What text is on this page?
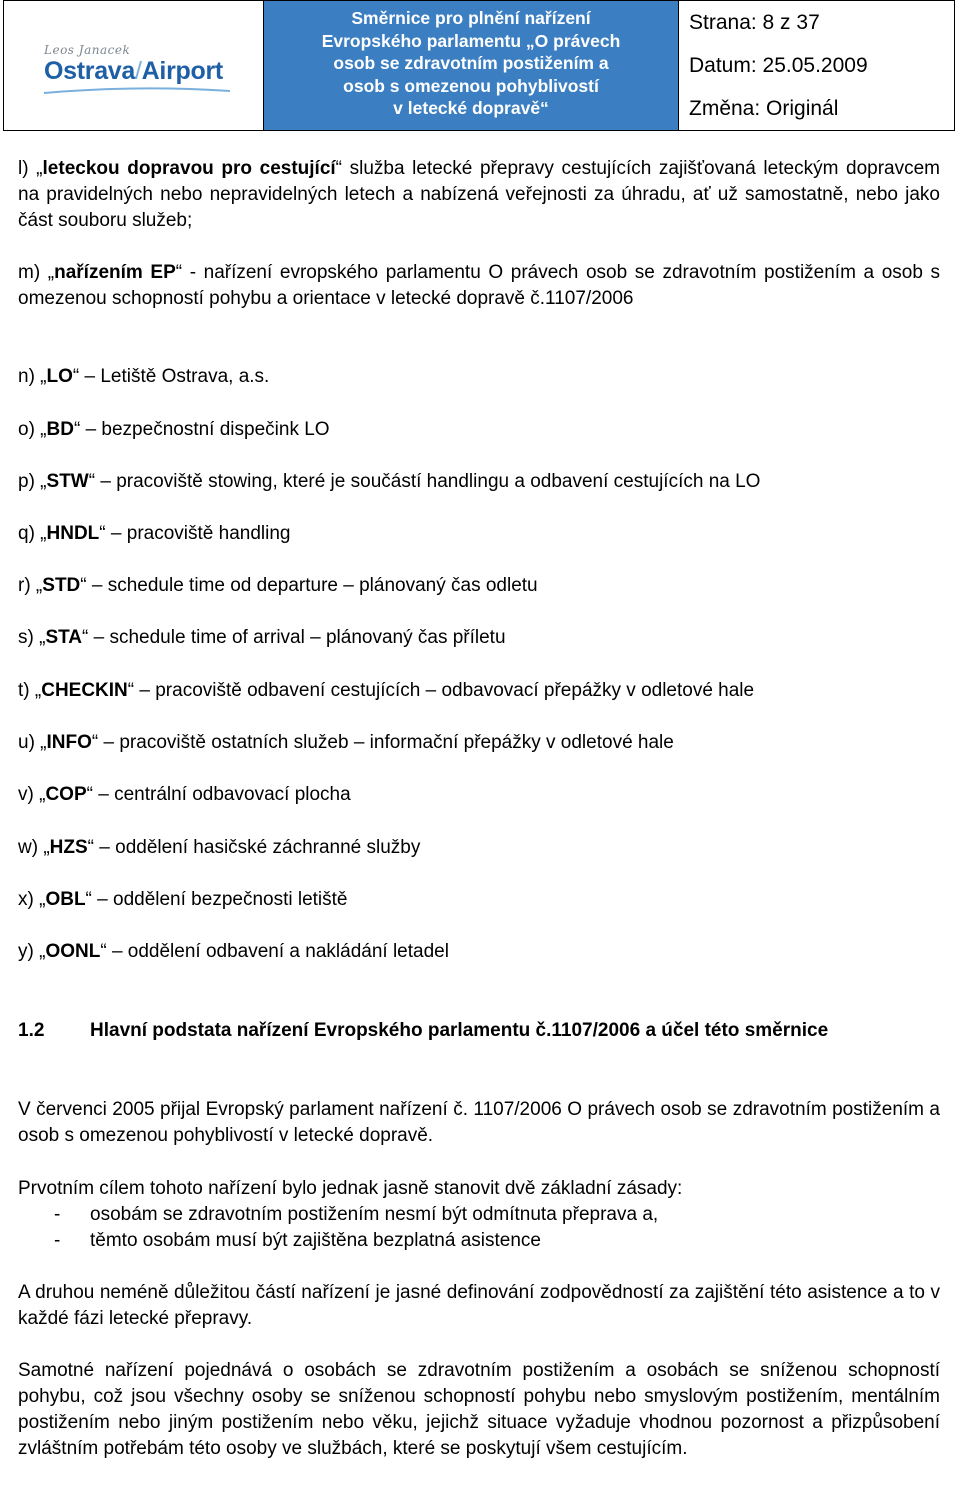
Leos Janacek
Ostrava/Airport
Směrnice pro plnění nařízení
Evropského parlamentu „O právech
osob se zdravotním postižením a
osob s omezenou pohyblivostí
v letecké dopravě“
Strana: 8 z 37
Datum: 25.05.2009
Změna: Originál
l) „leteckou dopravou pro cestující“ služba letecké přepravy cestujících zajišťovaná leteckým dopravcem na pravidelných nebo nepravidelných letech a nabízená veřejnosti za úhradu, ať už samostatně, nebo jako část souboru služeb;
m) „nařízením EP“ - nařízení evropského parlamentu O právech osob se zdravotním postižením a osob s omezenou schopností pohybu a orientace v letecké dopravě č.1107/2006
n) „LO“ – Letiště Ostrava, a.s.
o) „BD“ – bezpečnostní dispečink LO
p) „STW“ – pracoviště stowing, které je součástí handlingu a odbavení cestujících na LO
q) „HNDL“ – pracoviště handling
r) „STD“ – schedule time od departure – plánovaný čas odletu
s) „STA“ – schedule time of arrival – plánovaný čas příletu
t) „CHECKIN“ – pracoviště odbavení cestujících – odbavovací přepážky v odletové hale
u) „INFO“ – pracoviště ostatních služeb – informační přepážky v odletové hale
v) „COP“ – centrální odbavovací plocha
w) „HZS“ – oddělení hasičské záchranné služby
x) „OBL“ – oddělení bezpečnosti letiště
y) „OONL“ – oddělení odbavení a nakládání letadel
1.2 Hlavní podstata nařízení Evropského parlamentu č.1107/2006 a účel této směrnice
V červenci 2005 přijal Evropský parlament nařízení č. 1107/2006 O právech osob se zdravotním postižením a osob s omezenou pohyblivostí v letecké dopravě.
Prvotním cílem tohoto nařízení bylo jednak jasně stanovit dvě základní zásady:
- osobám se zdravotním postižením nesmí být odmítnuta přeprava a,
- těmto osobám musí být zajištěna bezplatná asistence
A druhou neméně důležitou částí nařízení je jasné definování zodpovědností za zajištění této asistence a to v každé fázi letecké přepravy.
Samotné nařízení pojednává o osobách se zdravotním postižením a osobách se sníženou schopností pohybu, což jsou všechny osoby se sníženou schopností pohybu nebo smyslovým postižením, mentálním postižením nebo jiným postižením nebo věku, jejichž situace vyžaduje vhodnou pozornost a přizpůsobení zvláštním potřebám této osoby ve službách, které se poskytují všem cestujícím.
